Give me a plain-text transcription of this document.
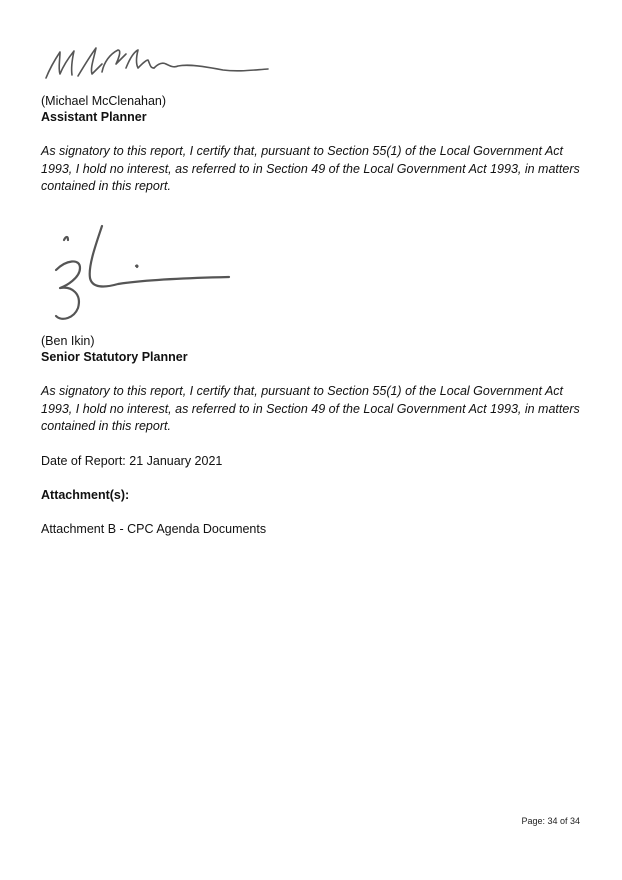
(Michael McClenahan)

Assistant Planner

As signatory to this report, I certify that, pursuant to Section 55(1) of the Local Government Act 1993, I hold no interest, as referred to in Section 49 of the Local Government Act 1993, in matters contained in this report.

(Ben Ikin)

Senior Statutory Planner

As signatory to this report, I certify that, pursuant to Section 55(1) of the Local Government Act 1993, I hold no interest, as referred to in Section 49 of the Local Government Act 1993, in matters contained in this report.

Date of Report: 21 January 2021

Attachment(s):

Attachment B - CPC Agenda Documents

Page: 34 of 34
